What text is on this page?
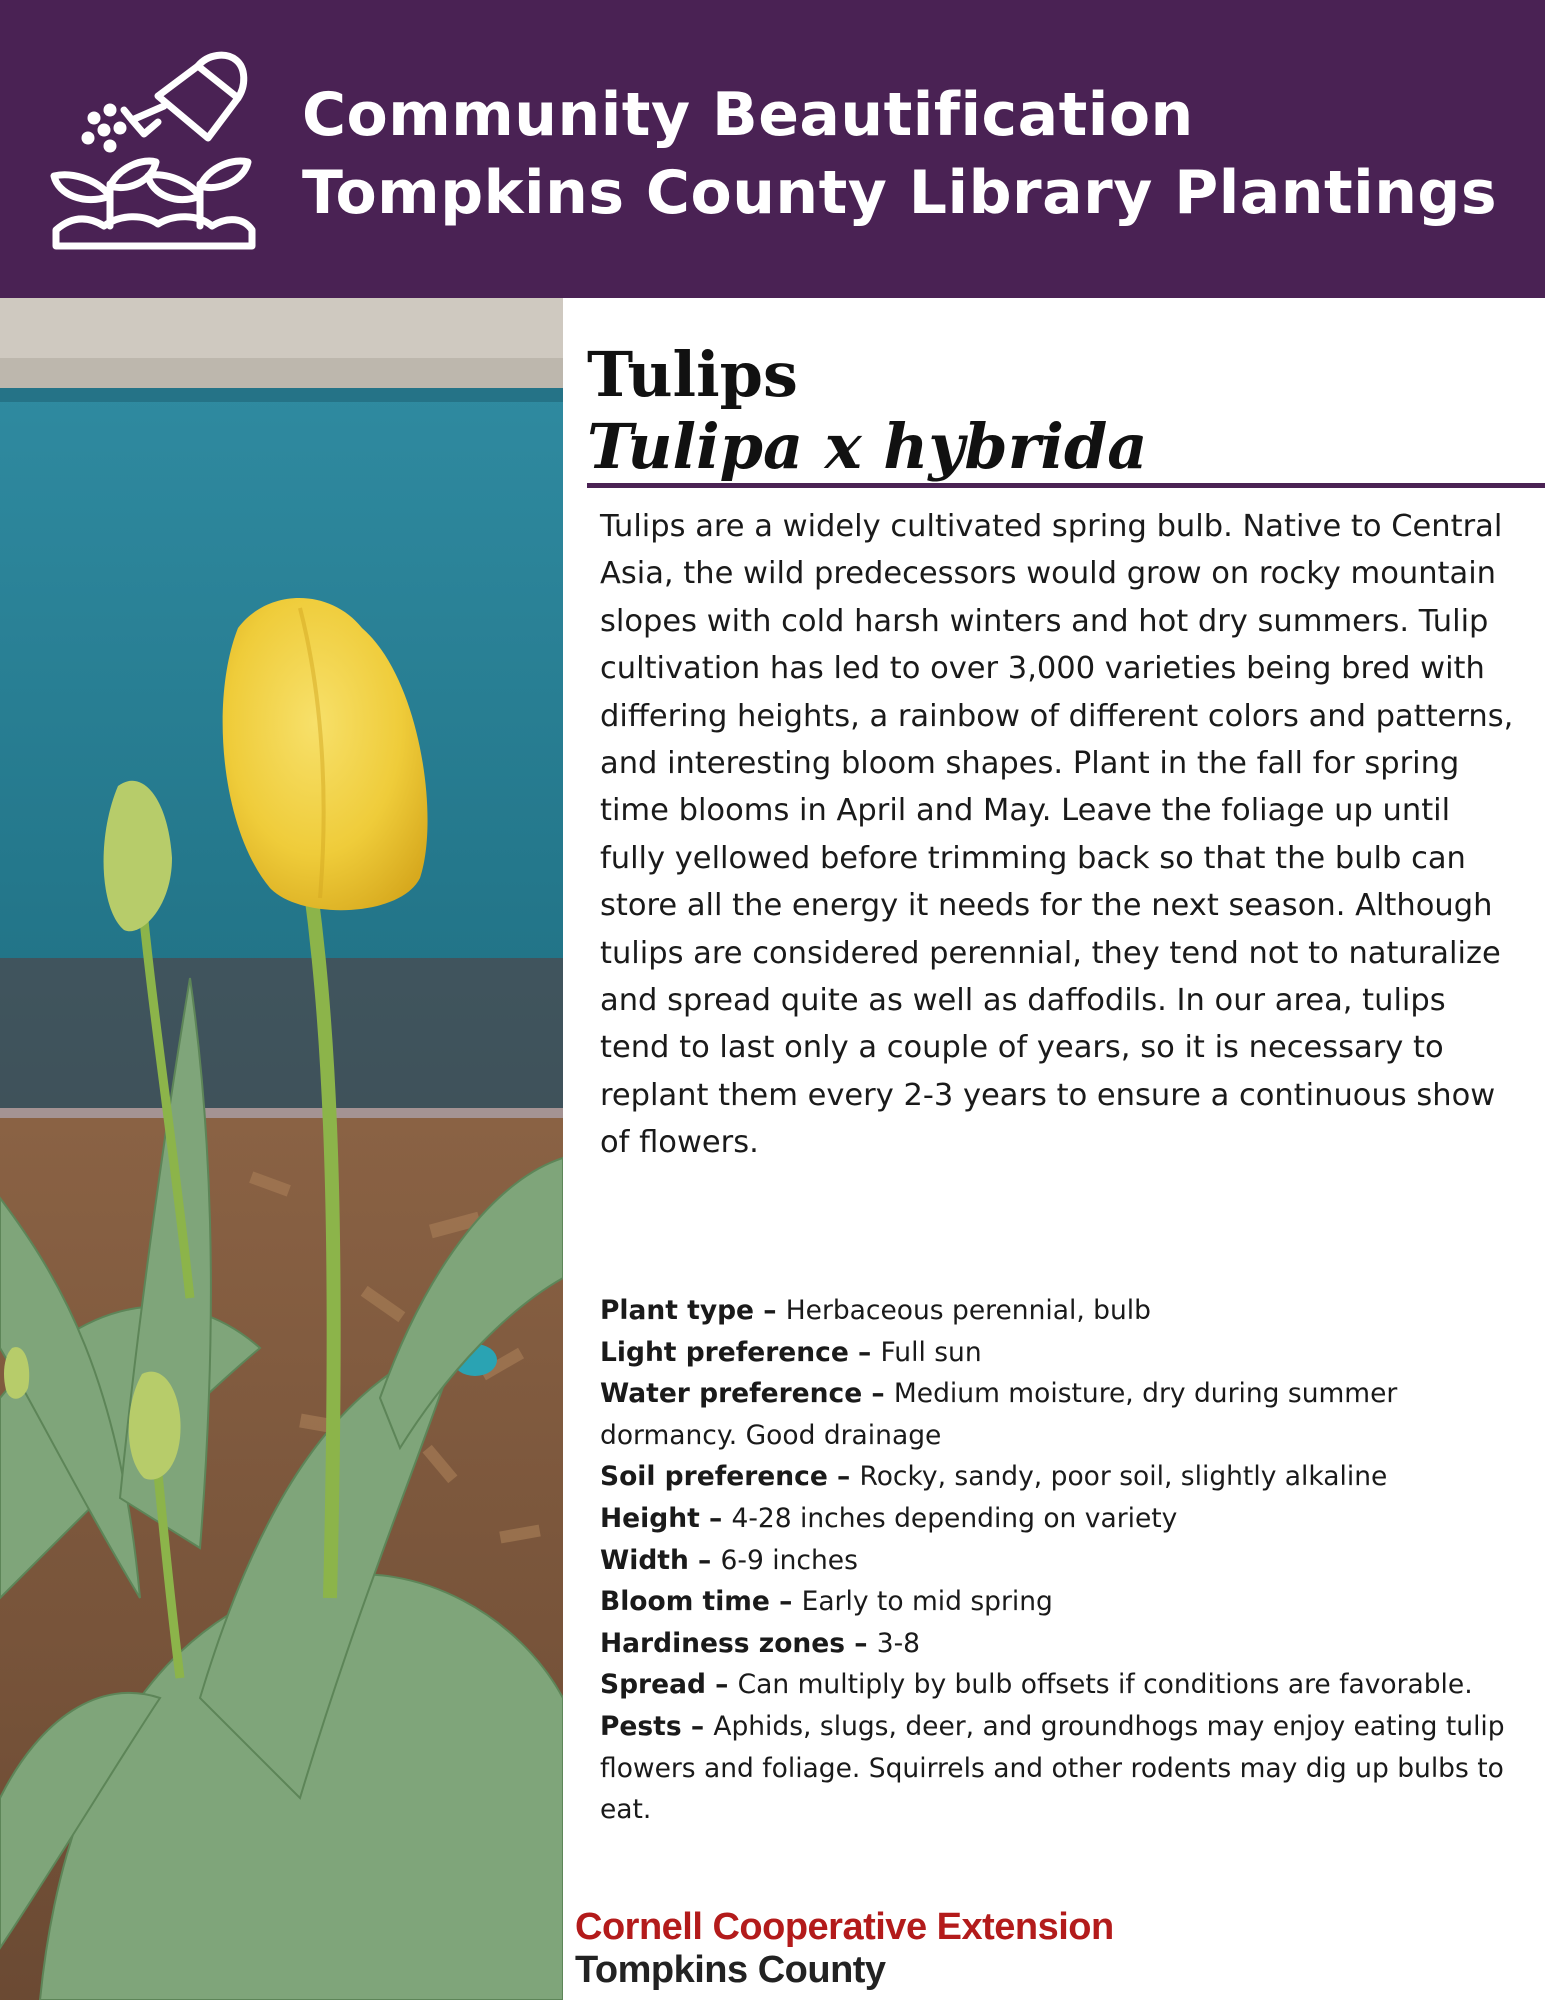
Community Beautification
Tompkins County Library Plantings
Tulips
Tulipa x hybrida
Tulips are a widely cultivated spring bulb. Native to Central Asia, the wild predecessors would grow on rocky mountain slopes with cold harsh winters and hot dry summers. Tulip cultivation has led to over 3,000 varieties being bred with differing heights, a rainbow of different colors and patterns, and interesting bloom shapes. Plant in the fall for spring time blooms in April and May. Leave the foliage up until fully yellowed before trimming back so that the bulb can store all the energy it needs for the next season. Although tulips are considered perennial, they tend not to naturalize and spread quite as well as daffodils. In our area, tulips tend to last only a couple of years, so it is necessary to replant them every 2-3 years to ensure a continuous show of flowers.
Plant type – Herbaceous perennial, bulb
Light preference – Full sun
Water preference – Medium moisture, dry during summer dormancy. Good drainage
Soil preference – Rocky, sandy, poor soil, slightly alkaline
Height – 4-28 inches depending on variety
Width – 6-9 inches
Bloom time – Early to mid spring
Hardiness zones – 3-8
Spread – Can multiply by bulb offsets if conditions are favorable.
Pests – Aphids, slugs, deer, and groundhogs may enjoy eating tulip flowers and foliage. Squirrels and other rodents may dig up bulbs to eat.
Cornell Cooperative Extension
Tompkins County
